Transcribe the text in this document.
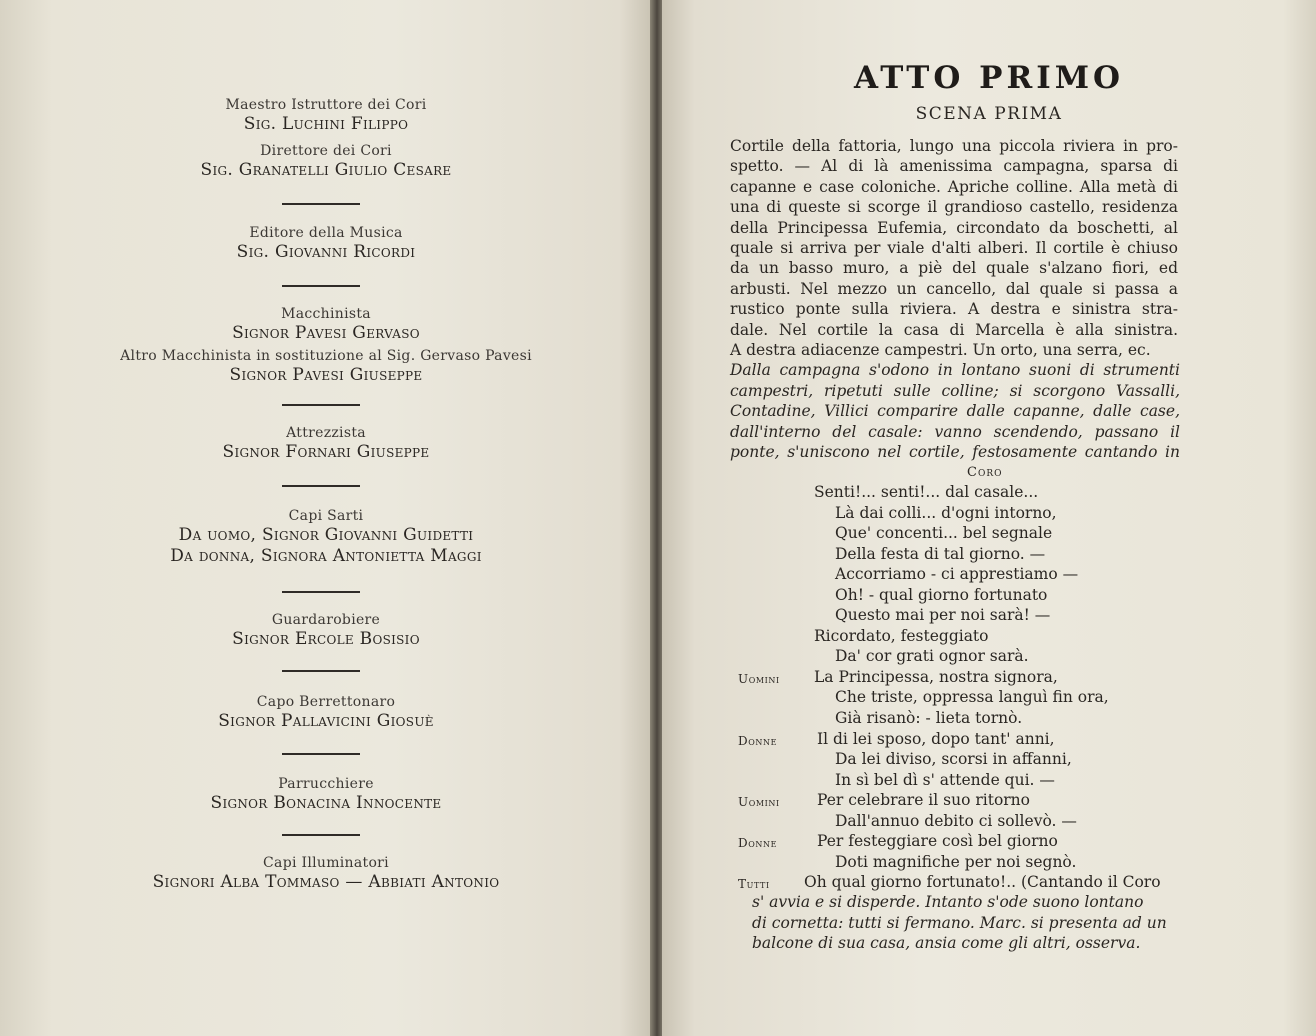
Maestro Istruttore dei Cori
Sig. Luchini Filippo
Direttore dei Cori
Sig. Granatelli Giulio Cesare
Editore della Musica
Sig. Giovanni Ricordi
Macchinista
Signor Pavesi Gervaso
Altro Macchinista in sostituzione al Sig. Gervaso Pavesi
Signor Pavesi Giuseppe
Attrezzista
Signor Fornari Giuseppe
Capi Sarti
Da uomo, Signor Giovanni Guidetti
Da donna, Signora Antonietta Maggi
Guardarobiere
Signor Ercole Bosisio
Capo Berrettonaro
Signor Pallavicini Giosuè
Parrucchiere
Signor Bonacina Innocente
Capi Illuminatori
Signori Alba Tommaso — Abbiati Antonio
ATTO PRIMO
SCENA PRIMA
Cortile della fattoria, lungo una piccola riviera in pro-
spetto. — Al di là amenissima campagna, sparsa di
capanne e case coloniche. Apriche colline. Alla metà di
una di queste si scorge il grandioso castello, residenza
della Principessa Eufemia, circondato da boschetti, al
quale si arriva per viale d'alti alberi. Il cortile è chiuso
da un basso muro, a piè del quale s'alzano fiori, ed
arbusti. Nel mezzo un cancello, dal quale si passa a
rustico ponte sulla riviera. A destra e sinistra stra-
dale. Nel cortile la casa di Marcella è alla sinistra.
A destra adiacenze campestri. Un orto, una serra, ec.
Dalla campagna s'odono in lontano suoni di strumenti
campestri, ripetuti sulle colline; si scorgono Vassalli,
Contadine, Villici comparire dalle capanne, dalle case,
dall'interno del casale: vanno scendendo, passano il
ponte, s'uniscono nel cortile, festosamente cantando in
Coro
Senti!... senti!... dal casale...
Là dai colli... d'ogni intorno,
Que' concenti... bel segnale
Della festa di tal giorno. —
Accorriamo - ci apprestiamo —
Oh! - qual giorno fortunato
Questo mai per noi sarà! —
Ricordato, festeggiato
Da' cor grati ognor sarà.
Uomini La Principessa, nostra signora,
Che triste, oppressa languì fin ora,
Già risanò: - lieta tornò.
Donne	Il di lei sposo, dopo tant' anni,
Da lei diviso, scorsi in affanni,
In sì bel dì s' attende qui. —
Uomini Per celebrare il suo ritorno
Dall'annuo debito ci sollevò. —
Donne	Per festeggiare così bel giorno
Doti magnifiche per noi segnò.
Tutti Oh qual giorno fortunato!.. (Cantando il Coro
s' avvia e si disperde. Intanto s'ode suono lontano
di cornetta: tutti si fermano. Marc. si presenta ad un
balcone di sua casa, ansia come gli altri, osserva.
